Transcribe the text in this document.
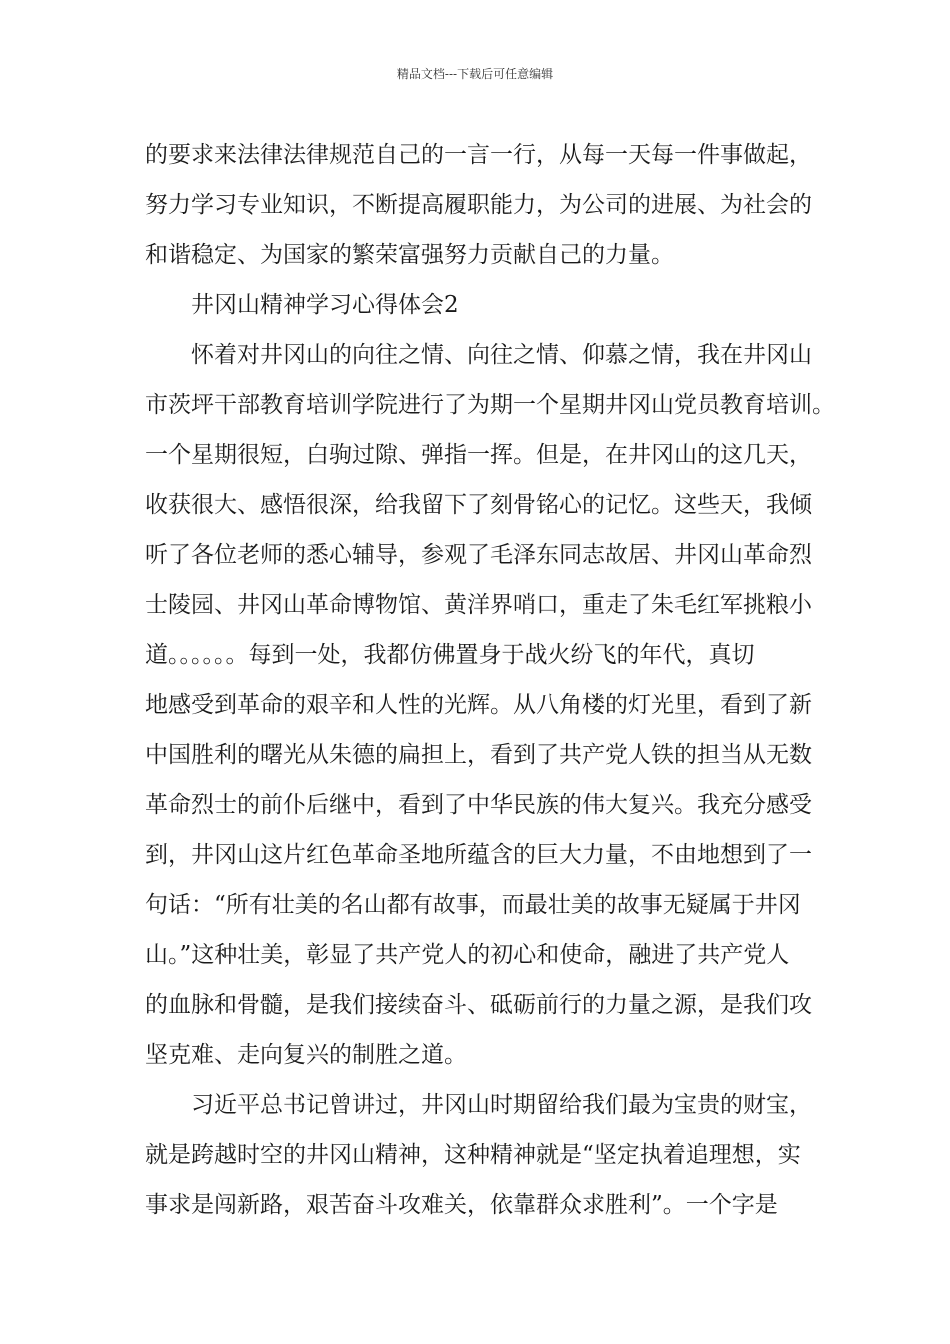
精品文档---下载后可任意编辑
的要求来法律法律规范自己的一言一行，从每一天每一件事做起，
努力学习专业知识，不断提高履职能力，为公司的进展、为社会的
和谐稳定、为国家的繁荣富强努力贡献自己的力量。
井冈山精神学习心得体会2
怀着对井冈山的向往之情、向往之情、仰慕之情，我在井冈山
市茨坪干部教育培训学院进行了为期一个星期井冈山党员教育培训。
一个星期很短，白驹过隙、弹指一挥。但是，在井冈山的这几天，
收获很大、感悟很深，给我留下了刻骨铭心的记忆。这些天，我倾
听了各位老师的悉心辅导，参观了毛泽东同志故居、井冈山革命烈
士陵园、井冈山革命博物馆、黄洋界哨口，重走了朱毛红军挑粮小
道。。。。。。每到一处，我都仿佛置身于战火纷飞的年代，真切
地感受到革命的艰辛和人性的光辉。从八角楼的灯光里，看到了新
中国胜利的曙光从朱德的扁担上，看到了共产党人铁的担当从无数
革命烈士的前仆后继中，看到了中华民族的伟大复兴。我充分感受
到，井冈山这片红色革命圣地所蕴含的巨大力量，不由地想到了一
句话：“所有壮美的名山都有故事，而最壮美的故事无疑属于井冈
山。”这种壮美，彰显了共产党人的初心和使命，融进了共产党人
的血脉和骨髓，是我们接续奋斗、砥砺前行的力量之源，是我们攻
坚克难、走向复兴的制胜之道。
习近平总书记曾讲过，井冈山时期留给我们最为宝贵的财宝，
就是跨越时空的井冈山精神，这种精神就是“坚定执着追理想，实
事求是闯新路，艰苦奋斗攻难关，依靠群众求胜利”。一个字是
